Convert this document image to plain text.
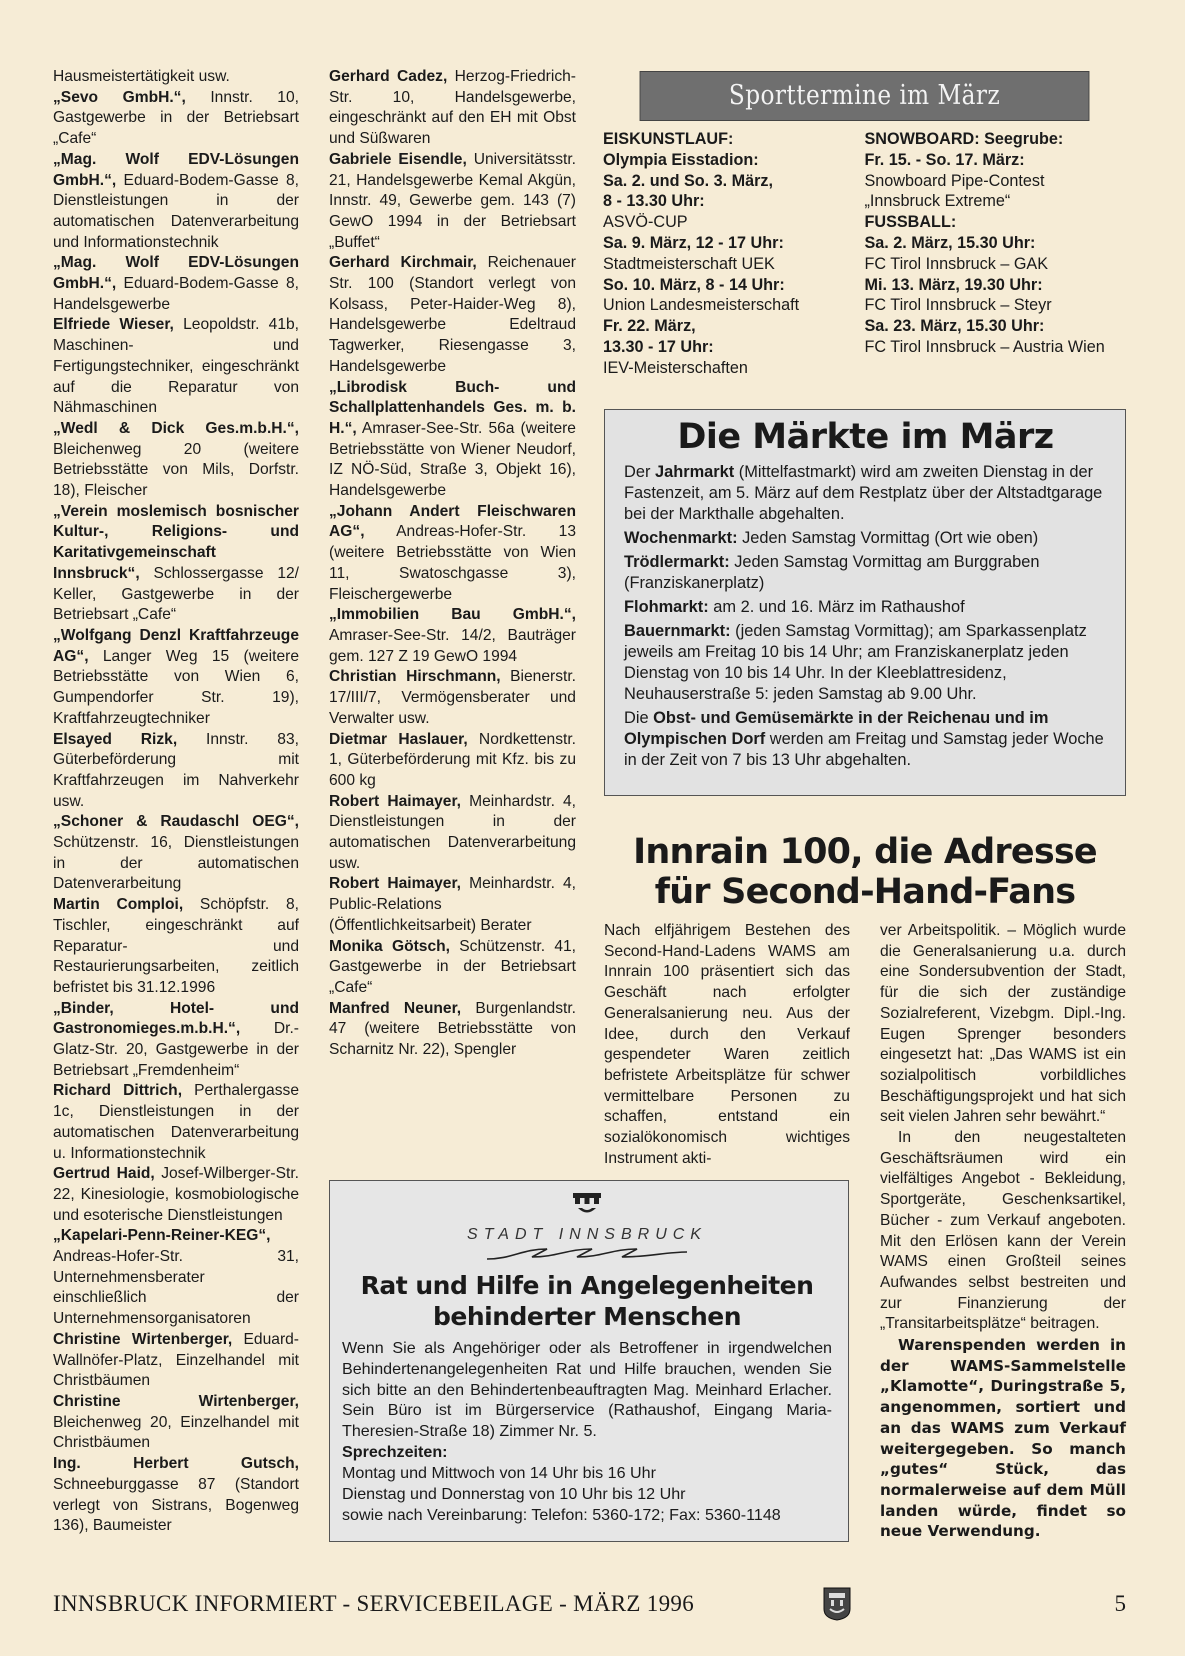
Hausmeistertätigkeit usw.

„Sevo GmbH.“, Innstr. 10, Gastgewerbe in der Betriebsart „Cafe“

„Mag. Wolf EDV-Lösungen GmbH.“, Eduard-Bodem-Gasse 8, Dienstleistungen in der automatischen Datenverarbeitung und Informationstechnik

„Mag. Wolf EDV-Lösungen GmbH.“, Eduard-Bodem-Gasse 8, Handelsgewerbe

Elfriede Wieser, Leopoldstr. 41b, Maschinen- und Fertigungstechniker, eingeschränkt auf die Reparatur von Nähmaschinen

„Wedl & Dick Ges.m.b.H.“, Bleichenweg 20 (weitere Betriebsstätte von Mils, Dorfstr. 18), Fleischer

„Verein moslemisch bosnischer Kultur-, Religions- und Karitativgemeinschaft Innsbruck“, Schlossergasse 12/ Keller, Gastgewerbe in der Betriebsart „Cafe“

„Wolfgang Denzl Kraftfahrzeuge AG“, Langer Weg 15 (weitere Betriebsstätte von Wien 6, Gumpendorfer Str. 19), Kraftfahrzeugtechniker

Elsayed Rizk, Innstr. 83, Güterbeförderung mit Kraftfahrzeugen im Nahverkehr usw.

„Schoner & Raudaschl OEG“, Schützenstr. 16, Dienstleistungen in der automatischen Datenverarbeitung

Martin Comploi, Schöpfstr. 8, Tischler, eingeschränkt auf Reparatur- und Restaurierungsarbeiten, zeitlich befristet bis 31.12.1996

„Binder, Hotel- und Gastronomieges.m.b.H.“, Dr.-Glatz-Str. 20, Gastgewerbe in der Betriebsart „Fremdenheim“

Richard Dittrich, Perthalergasse 1c, Dienstleistungen in der automatischen Datenverarbeitung u. Informationstechnik

Gertrud Haid, Josef-Wilberger-Str. 22, Kinesiologie, kosmobiologische und esoterische Dienstleistungen

„Kapelari-Penn-Reiner-KEG“, Andreas-Hofer-Str. 31, Unternehmensberater einschließlich der Unternehmensorganisatoren

Christine Wirtenberger, Eduard-Wallnöfer-Platz, Einzelhandel mit Christbäumen

Christine Wirtenberger, Bleichenweg 20, Einzelhandel mit Christbäumen

Ing. Herbert Gutsch, Schneeburggasse 87 (Standort verlegt von Sistrans, Bogenweg 136), Baumeister

Gerhard Cadez, Herzog-Friedrich-Str. 10, Handelsgewerbe, eingeschränkt auf den EH mit Obst und Süßwaren

Gabriele Eisendle, Universitätsstr. 21, Handelsgewerbe Kemal Akgün, Innstr. 49, Gewerbe gem. 143 (7) GewO 1994 in der Betriebsart „Buffet“

Gerhard Kirchmair, Reichenauer Str. 100 (Standort verlegt von Kolsass, Peter-Haider-Weg 8), Handelsgewerbe Edeltraud Tagwerker, Riesengasse 3, Handelsgewerbe

„Librodisk Buch- und Schallplattenhandels Ges. m. b. H.“, Amraser-See-Str. 56a (weitere Betriebsstätte von Wiener Neudorf, IZ NÖ-Süd, Straße 3, Objekt 16), Handelsgewerbe

„Johann Andert Fleischwaren AG“, Andreas-Hofer-Str. 13 (weitere Betriebsstätte von Wien 11, Swatoschgasse 3), Fleischergewerbe

„Immobilien Bau GmbH.“, Amraser-See-Str. 14/2, Bauträger gem. 127 Z 19 GewO 1994

Christian Hirschmann, Bienerstr. 17/III/7, Vermögensberater und Verwalter usw.

Dietmar Haslauer, Nordkettenstr. 1, Güterbeförderung mit Kfz. bis zu 600 kg

Robert Haimayer, Meinhardstr. 4, Dienstleistungen in der automatischen Datenverarbeitung usw.

Robert Haimayer, Meinhardstr. 4, Public-Relations (Öffentlichkeitsarbeit) Berater

Monika Götsch, Schützenstr. 41, Gastgewerbe in der Betriebsart „Cafe“

Manfred Neuner, Burgenlandstr. 47 (weitere Betriebsstätte von Scharnitz Nr. 22), Spengler

Sporttermine im März
EISKUNSTLAUF:
Olympia Eisstadion:
Sa. 2. und So. 3. März,
8 - 13.30 Uhr:
ASVÖ-CUP
Sa. 9. März, 12 - 17 Uhr:
Stadtmeisterschaft UEK
So. 10. März, 8 - 14 Uhr:
Union Landesmeisterschaft
Fr. 22. März,
13.30 - 17 Uhr:
IEV-Meisterschaften
SNOWBOARD: Seegrube:
Fr. 15. - So. 17. März:
Snowboard Pipe-Contest
„Innsbruck Extreme“
FUSSBALL:
Sa. 2. März, 15.30 Uhr:
FC Tirol Innsbruck – GAK
Mi. 13. März, 19.30 Uhr:
FC Tirol Innsbruck – Steyr
Sa. 23. März, 15.30 Uhr:
FC Tirol Innsbruck – Austria Wien
Die Märkte im März

Der Jahrmarkt (Mittelfastmarkt) wird am zweiten Dienstag in der Fastenzeit, am 5. März auf dem Restplatz über der Altstadtgarage bei der Markthalle abgehalten.

Wochenmarkt: Jeden Samstag Vormittag (Ort wie oben)

Trödlermarkt: Jeden Samstag Vormittag am Burggraben (Franziskanerplatz)

Flohmarkt: am 2. und 16. März im Rathaushof

Bauernmarkt: (jeden Samstag Vormittag); am Sparkassenplatz jeweils am Freitag 10 bis 14 Uhr; am Franziskanerplatz jeden Dienstag von 10 bis 14 Uhr. In der Kleeblattresidenz, Neuhauserstraße 5: jeden Samstag ab 9.00 Uhr.

Die Obst- und Gemüsemärkte in der Reichenau und im Olympischen Dorf werden am Freitag und Samstag jeder Woche in der Zeit von 7 bis 13 Uhr abgehalten.

Innrain 100, die Adresse
für Second-Hand-Fans
Nach elfjährigem Bestehen des Second-Hand-Ladens WAMS am Innrain 100 präsentiert sich das Geschäft nach erfolgter Generalsanierung neu. Aus der Idee, durch den Verkauf gespendeter Waren zeitlich befristete Arbeitsplätze für schwer vermittelbare Personen zu schaffen, entstand ein sozialökonomisch wichtiges Instrument akti-
ver Arbeitspolitik. – Möglich wurde die Generalsanierung u.a. durch eine Sondersubvention der Stadt, für die sich der zuständige Sozialreferent, Vizebgm. Dipl.-Ing. Eugen Sprenger besonders eingesetzt hat: „Das WAMS ist ein sozialpolitisch vorbildliches Beschäftigungsprojekt und hat sich seit vielen Jahren sehr bewährt.“
In den neugestalteten Geschäftsräumen wird ein vielfältiges Angebot - Bekleidung, Sportgeräte, Geschenksartikel, Bücher - zum Verkauf angeboten. Mit den Erlösen kann der Verein WAMS einen Großteil seines Aufwandes selbst bestreiten und zur Finanzierung der „Transitarbeitsplätze“ beitragen.
Warenspenden werden in der WAMS-Sammelstelle „Klamotte“, Duringstraße 5, angenommen, sortiert und an das WAMS zum Verkauf weitergegeben. So manch „gutes“ Stück, das normalerweise auf dem Müll landen würde, findet so neue Verwendung.
STADT INNSBRUCK
Rat und Hilfe in Angelegenheiten
behinderter Menschen

Wenn Sie als Angehöriger oder als Betroffener in irgendwelchen Behindertenangelegenheiten Rat und Hilfe brauchen, wenden Sie sich bitte an den Behindertenbeauftragten Mag. Meinhard Erlacher. Sein Büro ist im Bürgerservice (Rathaushof, Eingang Maria-Theresien-Straße 18) Zimmer Nr. 5.

Sprechzeiten:

Montag und Mittwoch von 14 Uhr bis 16 Uhr

Dienstag und Donnerstag von 10 Uhr bis 12 Uhr

sowie nach Vereinbarung: Telefon: 5360-172; Fax: 5360-1148

INNSBRUCK INFORMIERT - SERVICEBEILAGE - MÄRZ 1996	5
